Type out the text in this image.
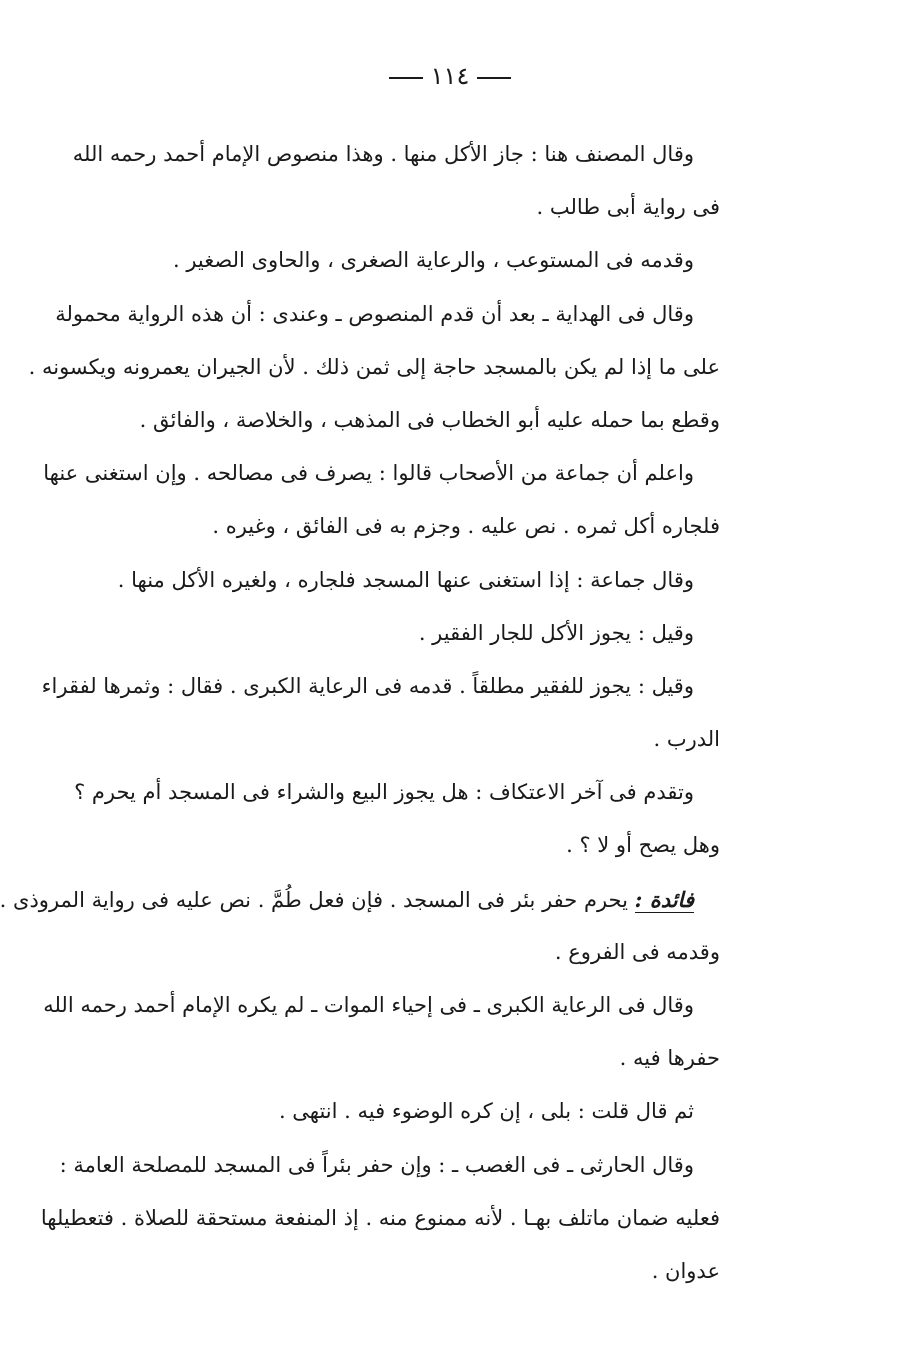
١١٤
وقال المصنف هنا : جاز الأكل منها . وهذا منصوص الإمام أحمد رحمه الله
فى رواية أبى طالب .
وقدمه فى المستوعب ، والرعاية الصغرى ، والحاوى الصغير .
وقال فى الهداية ـ بعد أن قدم المنصوص ـ وعندى : أن هذه الرواية محمولة
على ما إذا لم يكن بالمسجد حاجة إلى ثمن ذلك . لأن الجيران يعمرونه ويكسونه .
وقطع بما حمله عليه أبو الخطاب فى المذهب ، والخلاصة ، والفائق .
واعلم أن جماعة من الأصحاب قالوا : يصرف فى مصالحه . وإن استغنى عنها
فلجاره أكل ثمره . نص عليه . وجزم به فى الفائق ، وغيره .
وقال جماعة : إذا استغنى عنها المسجد فلجاره ، ولغيره الأكل منها .
وقيل : يجوز الأكل للجار الفقير .
وقيل : يجوز للفقير مطلقاً . قدمه فى الرعاية الكبرى . فقال : وثمرها لفقراء
الدرب .
وتقدم فى آخر الاعتكاف : هل يجوز البيع والشراء فى المسجد أم يحرم ؟
وهل يصح أو لا ؟ .
فائدة : يحرم حفر بئر فى المسجد . فإن فعل طُمَّ . نص عليه فى رواية المروذى .
وقدمه فى الفروع .
وقال فى الرعاية الكبرى ـ فى إحياء الموات ـ لم يكره الإمام أحمد رحمه الله
حفرها فيه .
ثم قال قلت : بلى ، إن كره الوضوء فيه . انتهى .
وقال الحارثى ـ فى الغصب ـ : وإن حفر بئراً فى المسجد للمصلحة العامة :
فعليه ضمان ماتلف بهـا . لأنه ممنوع منه . إذ المنفعة مستحقة للصلاة . فتعطيلها
عدوان .
